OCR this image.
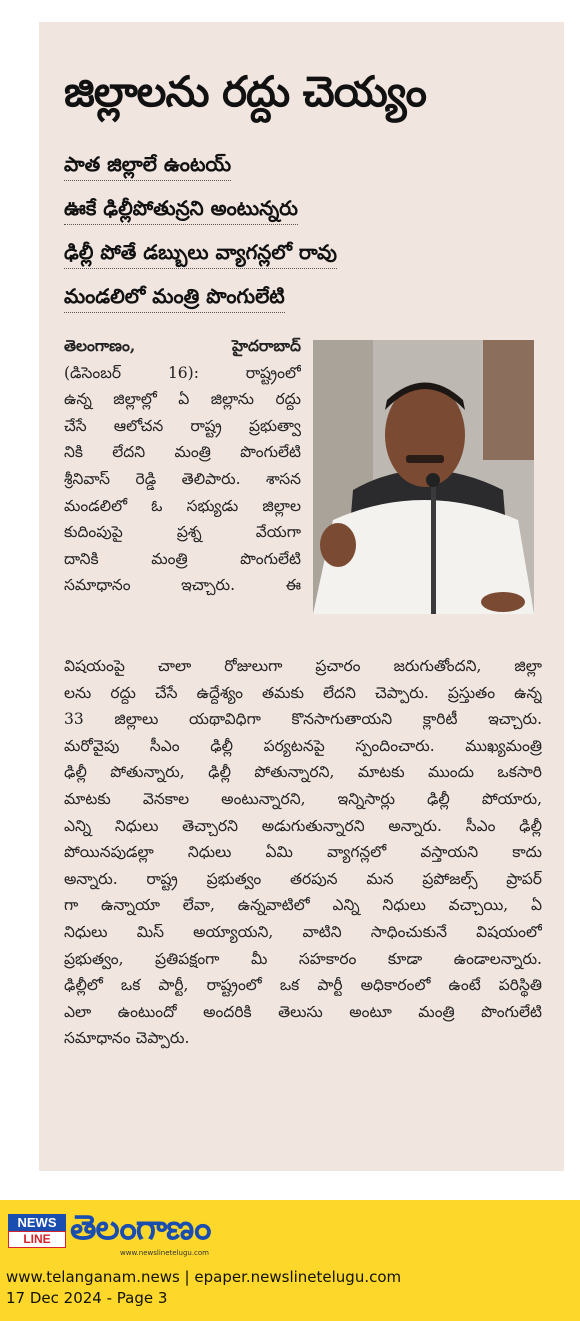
జిల్లాలను రద్దు చెయ్యం
పాత జిల్లాలే ఉంటయ్
ఊకే ఢిల్లీపోతున్రని అంటున్నరు
ఢిల్లీ పోతే డబ్బులు వ్యాగన్లలో రావు
మండలిలో మంత్రి పొంగులేటి

తెలంగాణం, హైదరాబాద్

(డిసెంబర్ 16): రాష్ట్రంలో

ఉన్న జిల్లాల్లో ఏ జిల్లాను రద్దు

చేసే ఆలోచన రాష్ట్ర ప్రభుత్వా

నికి లేదని మంత్రి పొంగులేటి

శ్రీనివాస్ రెడ్డి తెలిపారు. శాసన

మండలిలో ఓ సభ్యుడు జిల్లాల

కుదింపుపై ప్రశ్న వేయగా

దానికి మంత్రి పొంగులేటి

సమాధానం ఇచ్చారు. ఈ

విషయంపై చాలా రోజులుగా ప్రచారం జరుగుతోందని, జిల్లా

లను రద్దు చేసే ఉద్దేశ్యం తమకు లేదని చెప్పారు. ప్రస్తుతం ఉన్న

33 జిల్లాలు యథావిధిగా కొనసాగుతాయని క్లారిటీ ఇచ్చారు.

మరోవైపు సీఎం ఢిల్లీ పర్యటనపై స్పందించారు. ముఖ్యమంత్రి

ఢిల్లీ పోతున్నారు, ఢిల్లీ పోతున్నారని, మాటకు ముందు ఒకసారి

మాటకు వెనకాల అంటున్నారని, ఇన్నిసార్లు ఢిల్లీ పోయారు,

ఎన్ని నిధులు తెచ్చారని అడుగుతున్నారని అన్నారు. సీఎం ఢిల్లీ

పోయినపుడల్లా నిధులు ఏమి వ్యాగన్లలో వస్తాయని కాదు

అన్నారు. రాష్ట్ర ప్రభుత్వం తరపున మన ప్రపోజల్స్ ప్రాపర్

గా ఉన్నాయా లేవా, ఉన్నవాటిలో ఎన్ని నిధులు వచ్చాయి, ఏ

నిధులు మిస్ అయ్యాయని, వాటిని సాధించుకునే విషయంలో

ప్రభుత్వం, ప్రతిపక్షంగా మీ సహకారం కూడా ఉండాలన్నారు.

ఢిల్లీలో ఒక పార్టీ, రాష్ట్రంలో ఒక పార్టీ అధికారంలో ఉంటే పరిస్థితి

ఎలా ఉంటుందో అందరికి తెలుసు అంటూ మంత్రి పొంగులేటి

సమాధానం చెప్పారు.

NEWS
LINE తెలంగాణం
www.newslinetelugu.com
www.telanganam.news | epaper.newslinetelugu.com
17 Dec 2024 - Page 3
